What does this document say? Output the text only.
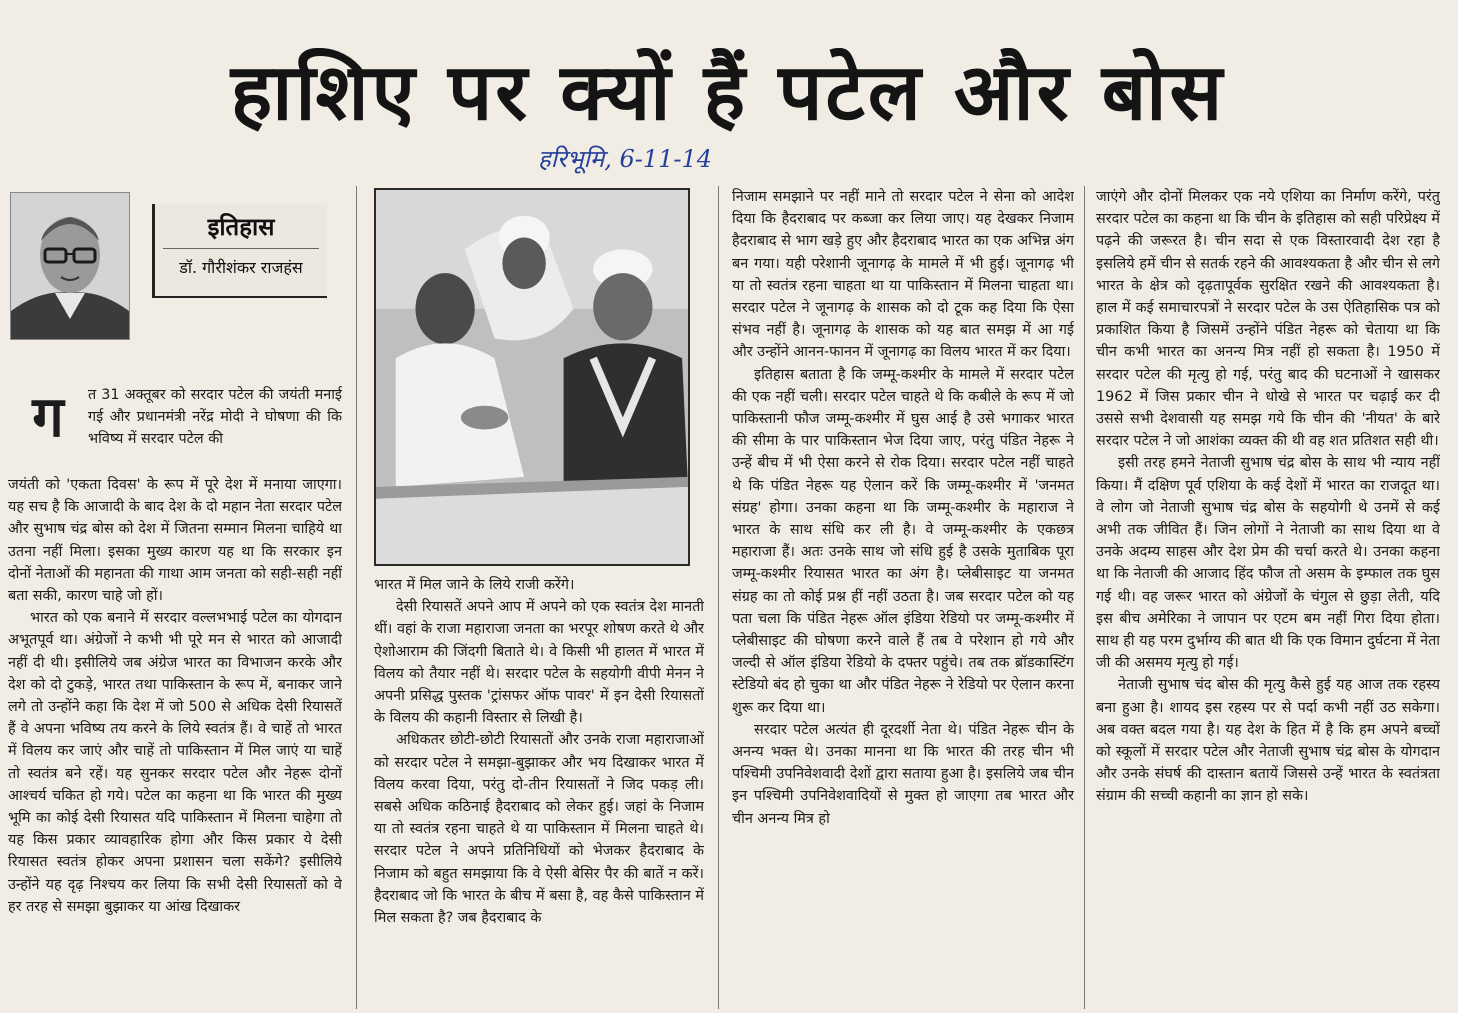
हाशिए पर क्यों हैं पटेल और बोस
हरिभूमि, 6-11-14
इतिहास
डॉ. गौरीशंकर राजहंस
ग	त 31 अक्तूबर को सरदार पटेल की जयंती मनाई गई और प्रधानमंत्री नरेंद्र मोदी ने घोषणा की कि भविष्य में सरदार पटेल की

जयंती को 'एकता दिवस' के रूप में पूरे देश में मनाया जाएगा। यह सच है कि आजादी के बाद देश के दो महान नेता सरदार पटेल और सुभाष चंद्र बोस को देश में जितना सम्मान मिलना चाहिये था उतना नहीं मिला। इसका मुख्य कारण यह था कि सरकार इन दोनों नेताओं की महानता की गाथा आम जनता को सही-सही नहीं बता सकी, कारण चाहे जो हों।

भारत को एक बनाने में सरदार वल्लभभाई पटेल का योगदान अभूतपूर्व था। अंग्रेजों ने कभी भी पूरे मन से भारत को आजादी नहीं दी थी। इसीलिये जब अंग्रेज भारत का विभाजन करके और देश को दो टुकड़े, भारत तथा पाकिस्तान के रूप में, बनाकर जाने लगे तो उन्होंने कहा कि देश में जो 500 से अधिक देसी रियासतें हैं वे अपना भविष्य तय करने के लिये स्वतंत्र हैं। वे चाहें तो भारत में विलय कर जाएं और चाहें तो पाकिस्तान में मिल जाएं या चाहें तो स्वतंत्र बने रहें। यह सुनकर सरदार पटेल और नेहरू दोनों आश्चर्य चकित हो गये। पटेल का कहना था कि भारत की मुख्य भूमि का कोई देसी रियासत यदि पाकिस्तान में मिलना चाहेगा तो यह किस प्रकार व्यावहारिक होगा और किस प्रकार ये देसी रियासत स्वतंत्र होकर अपना प्रशासन चला सकेंगे? इसीलिये उन्होंने यह दृढ़ निश्चय कर लिया कि सभी देसी रियासतों को वे हर तरह से समझा बुझाकर या आंख दिखाकर

भारत में मिल जाने के लिये राजी करेंगे।

देसी रियासतें अपने आप में अपने को एक स्वतंत्र देश मानती थीं। वहां के राजा महाराजा जनता का भरपूर शोषण करते थे और ऐशोआराम की जिंदगी बिताते थे। वे किसी भी हालत में भारत में विलय को तैयार नहीं थे। सरदार पटेल के सहयोगी वीपी मेनन ने अपनी प्रसिद्ध पुस्तक 'ट्रांसफर ऑफ पावर' में इन देसी रियासतों के विलय की कहानी विस्तार से लिखी है।

अधिकतर छोटी-छोटी रियासतों और उनके राजा महाराजाओं को सरदार पटेल ने समझा-बुझाकर और भय दिखाकर भारत में विलय करवा दिया, परंतु दो-तीन रियासतों ने जिद पकड़ ली। सबसे अधिक कठिनाई हैदराबाद को लेकर हुई। जहां के निजाम या तो स्वतंत्र रहना चाहते थे या पाकिस्तान में मिलना चाहते थे। सरदार पटेल ने अपने प्रतिनिधियों को भेजकर हैदराबाद के निजाम को बहुत समझाया कि वे ऐसी बेसिर पैर की बातें न करें। हैदराबाद जो कि भारत के बीच में बसा है, वह कैसे पाकिस्तान में मिल सकता है? जब हैदराबाद के

निजाम समझाने पर नहीं माने तो सरदार पटेल ने सेना को आदेश दिया कि हैदराबाद पर कब्जा कर लिया जाए। यह देखकर निजाम हैदराबाद से भाग खड़े हुए और हैदराबाद भारत का एक अभिन्न अंग बन गया। यही परेशानी जूनागढ़ के मामले में भी हुई। जूनागढ़ भी या तो स्वतंत्र रहना चाहता था या पाकिस्तान में मिलना चाहता था। सरदार पटेल ने जूनागढ़ के शासक को दो टूक कह दिया कि ऐसा संभव नहीं है। जूनागढ़ के शासक को यह बात समझ में आ गई और उन्होंने आनन-फानन में जूनागढ़ का विलय भारत में कर दिया।

इतिहास बताता है कि जम्मू-कश्मीर के मामले में सरदार पटेल की एक नहीं चली। सरदार पटेल चाहते थे कि कबीले के रूप में जो पाकिस्तानी फौज जम्मू-कश्मीर में घुस आई है उसे भगाकर भारत की सीमा के पार पाकिस्तान भेज दिया जाए, परंतु पंडित नेहरू ने उन्हें बीच में भी ऐसा करने से रोक दिया। सरदार पटेल नहीं चाहते थे कि पंडित नेहरू यह ऐलान करें कि जम्मू-कश्मीर में 'जनमत संग्रह' होगा। उनका कहना था कि जम्मू-कश्मीर के महाराज ने भारत के साथ संधि कर ली है। वे जम्मू-कश्मीर के एकछत्र महाराजा हैं। अतः उनके साथ जो संधि हुई है उसके मुताबिक पूरा जम्मू-कश्मीर रियासत भारत का अंग है। प्लेबीसाइट या जनमत संग्रह का तो कोई प्रश्न हीं नहीं उठता है। जब सरदार पटेल को यह पता चला कि पंडित नेहरू ऑल इंडिया रेडियो पर जम्मू-कश्मीर में प्लेबीसाइट की घोषणा करने वाले हैं तब वे परेशान हो गये और जल्दी से ऑल इंडिया रेडियो के दफ्तर पहुंचे। तब तक ब्रॉडकास्टिंग स्टेडियो बंद हो चुका था और पंडित नेहरू ने रेडियो पर ऐलान करना शुरू कर दिया था।

सरदार पटेल अत्यंत ही दूरदर्शी नेता थे। पंडित नेहरू चीन के अनन्य भक्त थे। उनका मानना था कि भारत की तरह चीन भी पश्चिमी उपनिवेशवादी देशों द्वारा सताया हुआ है। इसलिये जब चीन इन पश्चिमी उपनिवेशवादियों से मुक्त हो जाएगा तब भारत और चीन अनन्य मित्र हो

जाएंगे और दोनों मिलकर एक नये एशिया का निर्माण करेंगे, परंतु सरदार पटेल का कहना था कि चीन के इतिहास को सही परिप्रेक्ष्य में पढ़ने की जरूरत है। चीन सदा से एक विस्तारवादी देश रहा है इसलिये हमें चीन से सतर्क रहने की आवश्यकता है और चीन से लगे भारत के क्षेत्र को दृढ़तापूर्वक सुरक्षित रखने की आवश्यकता है। हाल में कई समाचारपत्रों ने सरदार पटेल के उस ऐतिहासिक पत्र को प्रकाशित किया है जिसमें उन्होंने पंडित नेहरू को चेताया था कि चीन कभी भारत का अनन्य मित्र नहीं हो सकता है। 1950 में सरदार पटेल की मृत्यु हो गई, परंतु बाद की घटनाओं ने खासकर 1962 में जिस प्रकार चीन ने धोखे से भारत पर चढ़ाई कर दी उससे सभी देशवासी यह समझ गये कि चीन की 'नीयत' के बारे सरदार पटेल ने जो आशंका व्यक्त की थी वह शत प्रतिशत सही थी।

इसी तरह हमने नेताजी सुभाष चंद्र बोस के साथ भी न्याय नहीं किया। मैं दक्षिण पूर्व एशिया के कई देशों में भारत का राजदूत था। वे लोग जो नेताजी सुभाष चंद्र बोस के सहयोगी थे उनमें से कई अभी तक जीवित हैं। जिन लोगों ने नेताजी का साथ दिया था वे उनके अदम्य साहस और देश प्रेम की चर्चा करते थे। उनका कहना था कि नेताजी की आजाद हिंद फौज तो असम के इम्फाल तक घुस गई थी। वह जरूर भारत को अंग्रेजों के चंगुल से छुड़ा लेती, यदि इस बीच अमेरिका ने जापान पर एटम बम नहीं गिरा दिया होता। साथ ही यह परम दुर्भाग्य की बात थी कि एक विमान दुर्घटना में नेता जी की असमय मृत्यु हो गई।

नेताजी सुभाष चंद बोस की मृत्यु कैसे हुई यह आज तक रहस्य बना हुआ है। शायद इस रहस्य पर से पर्दा कभी नहीं उठ सकेगा। अब वक्त बदल गया है। यह देश के हित में है कि हम अपने बच्चों को स्कूलों में सरदार पटेल और नेताजी सुभाष चंद्र बोस के योगदान और उनके संघर्ष की दास्तान बतायें जिससे उन्हें भारत के स्वतंत्रता संग्राम की सच्ची कहानी का ज्ञान हो सके।
